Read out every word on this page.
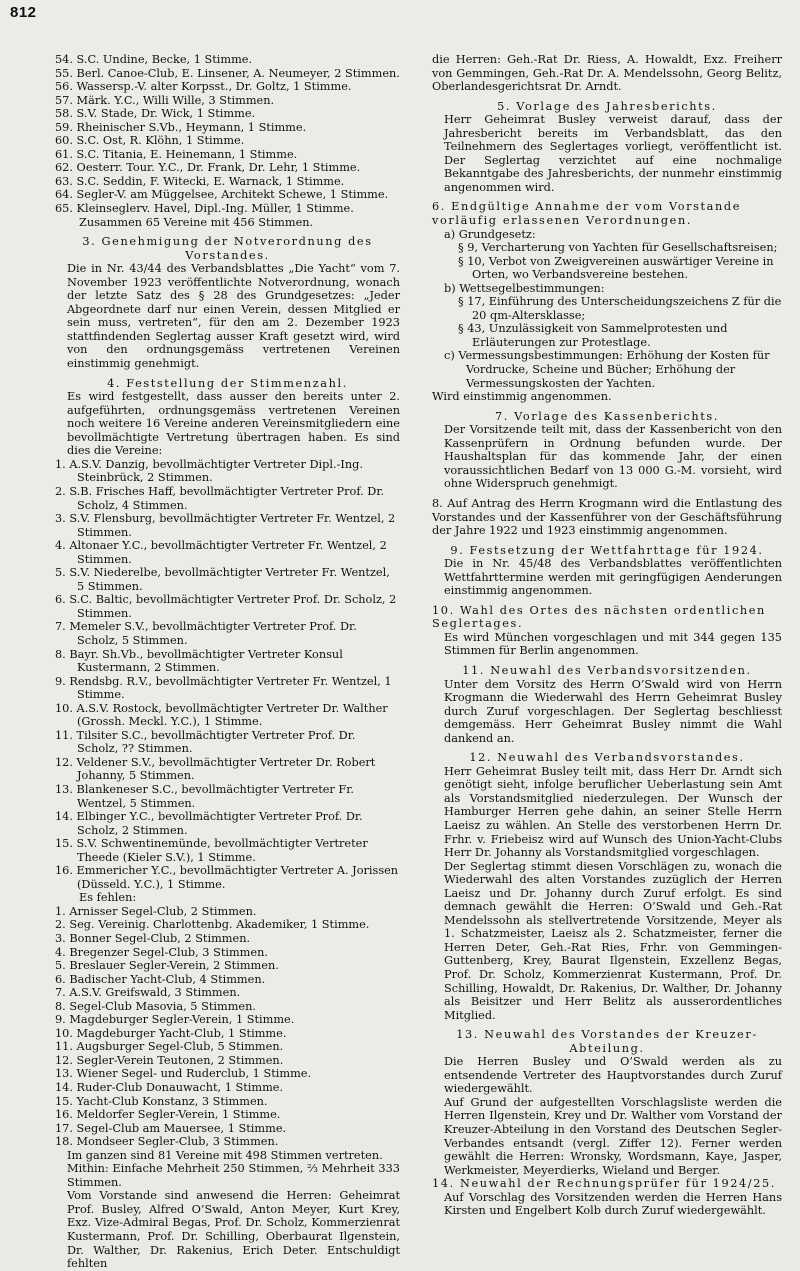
812
54. S.C. Undine, Becke, 1 Stimme.
55. Berl. Canoe-Club, E. Linsener, A. Neumeyer, 2 Stimmen.
56. Wassersp.-V. alter Korpsst., Dr. Goltz, 1 Stimme.
57. Märk. Y.C., Willi Wille, 3 Stimmen.
58. S.V. Stade, Dr. Wick, 1 Stimme.
59. Rheinischer S.Vb., Heymann, 1 Stimme.
60. S.C. Ost, R. Klöhn, 1 Stimme.
61. S.C. Titania, E. Heinemann, 1 Stimme.
62. Oesterr. Tour. Y.C., Dr. Frank, Dr. Lehr, 1 Stimme.
63. S.C. Seddin, F. Witecki, E. Warnack, 1 Stimme.
64. Segler-V. am Müggelsee, Architekt Schewe, 1 Stimme.
65. Kleinseglerv. Havel, Dipl.-Ing. Müller, 1 Stimme.
Zusammen 65 Vereine mit 456 Stimmen.
3. Genehmigung der Notverordnung des Vorstandes.

Die in Nr. 43/44 des Verbandsblattes „Die Yacht“ vom 7. November 1923 veröffentlichte Notverordnung, wonach der letzte Satz des § 28 des Grundgesetzes: „Jeder Abgeordnete darf nur einen Verein, dessen Mitglied er sein muss, vertreten“, für den am 2. Dezember 1923 stattfindenden Seglertag ausser Kraft gesetzt wird, wird von den ordnungsgemäss vertretenen Vereinen einstimmig genehmigt.

4. Feststellung der Stimmenzahl.

Es wird festgestellt, dass ausser den bereits unter 2. aufgeführten, ordnungsgemäss vertretenen Vereinen noch weitere 16 Vereine anderen Vereinsmitgliedern eine bevollmächtigte Vertretung übertragen haben. Es sind dies die Vereine:

1. A.S.V. Danzig, bevollmächtigter Vertreter Dipl.-Ing. Steinbrück, 2 Stimmen.
2. S.B. Frisches Haff, bevollmächtigter Vertreter Prof. Dr. Scholz, 4 Stimmen.
3. S.V. Flensburg, bevollmächtigter Vertreter Fr. Wentzel, 2 Stimmen.
4. Altonaer Y.C., bevollmächtigter Vertreter Fr. Wentzel, 2 Stimmen.
5. S.V. Niederelbe, bevollmächtigter Vertreter Fr. Wentzel, 5 Stimmen.
6. S.C. Baltic, bevollmächtigter Vertreter Prof. Dr. Scholz, 2 Stimmen.
7. Memeler S.V., bevollmächtigter Vertreter Prof. Dr. Scholz, 5 Stimmen.
8. Bayr. Sh.Vb., bevollmächtigter Vertreter Konsul Kustermann, 2 Stimmen.
9. Rendsbg. R.V., bevollmächtigter Vertreter Fr. Wentzel, 1 Stimme.
10. A.S.V. Rostock, bevollmächtigter Vertreter Dr. Walther (Grossh. Meckl. Y.C.), 1 Stimme.
11. Tilsiter S.C., bevollmächtigter Vertreter Prof. Dr. Scholz, ?? Stimmen.
12. Veldener S.V., bevollmächtigter Vertreter Dr. Robert Johanny, 5 Stimmen.
13. Blankeneser S.C., bevollmächtigter Vertreter Fr. Wentzel, 5 Stimmen.
14. Elbinger Y.C., bevollmächtigter Vertreter Prof. Dr. Scholz, 2 Stimmen.
15. S.V. Schwentinemünde, bevollmächtigter Vertreter Theede (Kieler S.V.), 1 Stimme.
16. Emmericher Y.C., bevollmächtigter Vertreter A. Jorissen (Düsseld. Y.C.), 1 Stimme.
Es fehlen:
1. Arnisser Segel-Club, 2 Stimmen.
2. Seg. Vereinig. Charlottenbg. Akademiker, 1 Stimme.
3. Bonner Segel-Club, 2 Stimmen.
4. Bregenzer Segel-Club, 3 Stimmen.
5. Breslauer Segler-Verein, 2 Stimmen.
6. Badischer Yacht-Club, 4 Stimmen.
7. A.S.V. Greifswald, 3 Stimmen.
8. Segel-Club Masovia, 5 Stimmen.
9. Magdeburger Segler-Verein, 1 Stimme.
10. Magdeburger Yacht-Club, 1 Stimme.
11. Augsburger Segel-Club, 5 Stimmen.
12. Segler-Verein Teutonen, 2 Stimmen.
13. Wiener Segel- und Ruderclub, 1 Stimme.
14. Ruder-Club Donauwacht, 1 Stimme.
15. Yacht-Club Konstanz, 3 Stimmen.
16. Meldorfer Segler-Verein, 1 Stimme.
17. Segel-Club am Mauersee, 1 Stimme.
18. Mondseer Segler-Club, 3 Stimmen.

Im ganzen sind 81 Vereine mit 498 Stimmen vertreten.

Mithin: Einfache Mehrheit 250 Stimmen, ⅔ Mehrheit 333 Stimmen.

Vom Vorstande sind anwesend die Herren: Geheimrat Prof. Busley, Alfred O’Swald, Anton Meyer, Kurt Krey, Exz. Vize-Admiral Begas, Prof. Dr. Scholz, Kommerzienrat Kustermann, Prof. Dr. Schilling, Oberbaurat Ilgenstein, Dr. Walther, Dr. Rakenius, Erich Deter. Entschuldigt fehlten

die Herren: Geh.-Rat Dr. Riess, A. Howaldt, Exz. Freiherr von Gemmingen, Geh.-Rat Dr. A. Mendelssohn, Georg Belitz, Oberlandesgerichtsrat Dr. Arndt.

5. Vorlage des Jahresberichts.

Herr Geheimrat Busley verweist darauf, dass der Jahresbericht bereits im Verbandsblatt, das den Teilnehmern des Seglertages vorliegt, veröffentlicht ist. Der Seglertag verzichtet auf eine nochmalige Bekanntgabe des Jahresberichts, der nunmehr einstimmig angenommen wird.

6. Endgültige Annahme der vom Vorstande vorläufig erlassenen Verordnungen.
a) Grundgesetz:
§ 9, Vercharterung von Yachten für Gesellschaftsreisen;
§ 10, Verbot von Zweigvereinen auswärtiger Vereine in Orten, wo Verbandsvereine bestehen.
b) Wettsegelbestimmungen:
§ 17, Einführung des Unterscheidungszeichens Z für die 20 qm-Altersklasse;
§ 43, Unzulässigkeit von Sammelprotesten und Erläuterungen zur Protestlage.
c) Vermessungsbestimmungen: Erhöhung der Kosten für Vordrucke, Scheine und Bücher; Erhöhung der Vermessungskosten der Yachten.
Wird einstimmig angenommen.
7. Vorlage des Kassenberichts.

Der Vorsitzende teilt mit, dass der Kassenbericht von den Kassenprüfern in Ordnung befunden wurde. Der Haushaltsplan für das kommende Jahr, der einen voraussichtlichen Bedarf von 13 000 G.-M. vorsieht, wird ohne Widerspruch genehmigt.

8. Auf Antrag des Herrn Krogmann wird die Entlastung des Vorstandes und der Kassenführer von der Geschäftsführung der Jahre 1922 und 1923 einstimmig angenommen.

9. Festsetzung der Wettfahrttage für 1924.

Die in Nr. 45/48 des Verbandsblattes veröffentlichten Wettfahrttermine werden mit geringfügigen Aenderungen einstimmig angenommen.

10. Wahl des Ortes des nächsten ordentlichen Seglertages.

Es wird München vorgeschlagen und mit 344 gegen 135 Stimmen für Berlin angenommen.

11. Neuwahl des Verbandsvorsitzenden.

Unter dem Vorsitz des Herrn O’Swald wird von Herrn Krogmann die Wiederwahl des Herrn Geheimrat Busley durch Zuruf vorgeschlagen. Der Seglertag beschliesst demgemäss. Herr Geheimrat Busley nimmt die Wahl dankend an.

12. Neuwahl des Verbandsvorstandes.

Herr Geheimrat Busley teilt mit, dass Herr Dr. Arndt sich genötigt sieht, infolge beruflicher Ueberlastung sein Amt als Vorstandsmitglied niederzulegen. Der Wunsch der Hamburger Herren gehe dahin, an seiner Stelle Herrn Laeisz zu wählen. An Stelle des verstorbenen Herrn Dr. Frhr. v. Friebeisz wird auf Wunsch des Union-Yacht-Clubs Herr Dr. Johanny als Vorstandsmitglied vorgeschlagen.

Der Seglertag stimmt diesen Vorschlägen zu, wonach die Wiederwahl des alten Vorstandes zuzüglich der Herren Laeisz und Dr. Johanny durch Zuruf erfolgt. Es sind demnach gewählt die Herren: O’Swald und Geh.-Rat Mendelssohn als stellvertretende Vorsitzende, Meyer als 1. Schatzmeister, Laeisz als 2. Schatzmeister, ferner die Herren Deter, Geh.-Rat Ries, Frhr. von Gemmingen-Guttenberg, Krey, Baurat Ilgenstein, Exzellenz Begas, Prof. Dr. Scholz, Kommerzienrat Kustermann, Prof. Dr. Schilling, Howaldt, Dr. Rakenius, Dr. Walther, Dr. Johanny als Beisitzer und Herr Belitz als ausserordentliches Mitglied.

13. Neuwahl des Vorstandes der Kreuzer-Abteilung.

Die Herren Busley und O’Swald werden als zu entsendende Vertreter des Hauptvorstandes durch Zuruf wiedergewählt.

Auf Grund der aufgestellten Vorschlagsliste werden die Herren Ilgenstein, Krey und Dr. Walther vom Vorstand der Kreuzer-Abteilung in den Vorstand des Deutschen Segler-Verbandes entsandt (vergl. Ziffer 12). Ferner werden gewählt die Herren: Wronsky, Wordsmann, Kaye, Jasper, Werkmeister, Meyerdierks, Wieland und Berger.

14. Neuwahl der Rechnungsprüfer für 1924/25.

Auf Vorschlag des Vorsitzenden werden die Herren Hans Kirsten und Engelbert Kolb durch Zuruf wiedergewählt.
